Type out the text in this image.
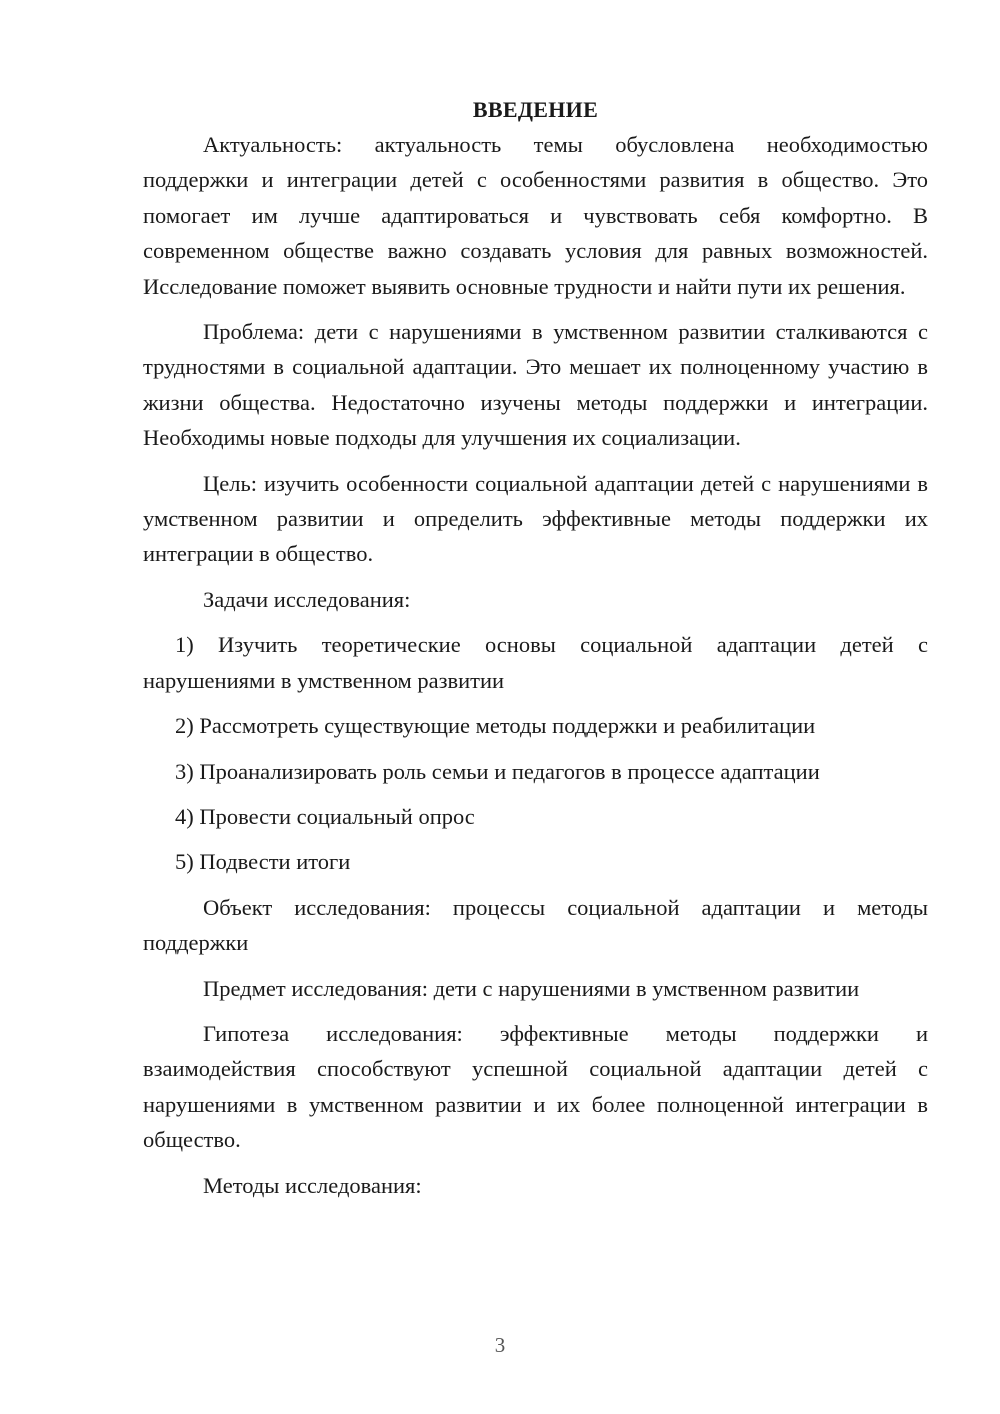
ВВЕДЕНИЕ

Актуальность: актуальность темы обусловлена необходимостью поддержки и интеграции детей с особенностями развития в общество. Это помогает им лучше адаптироваться и чувствовать себя комфортно. В современном обществе важно создавать условия для равных возможностей. Исследование поможет выявить основные трудности и найти пути их решения.

Проблема: дети с нарушениями в умственном развитии сталкиваются с трудностями в социальной адаптации. Это мешает их полноценному участию в жизни общества. Недостаточно изучены методы поддержки и интеграции. Необходимы новые подходы для улучшения их социализации.

Цель: изучить особенности социальной адаптации детей с нарушениями в умственном развитии и определить эффективные методы поддержки их интеграции в общество.

Задачи исследования:

1) Изучить теоретические основы социальной адаптации детей с нарушениями в умственном развитии

2) Рассмотреть существующие методы поддержки и реабилитации

3) Проанализировать роль семьи и педагогов в процессе адаптации

4) Провести социальный опрос

5) Подвести итоги

Объект исследования: процессы социальной адаптации и методы поддержки

Предмет исследования: дети с нарушениями в умственном развитии

Гипотеза исследования: эффективные методы поддержки и взаимодействия способствуют успешной социальной адаптации детей с нарушениями в умственном развитии и их более полноценной интеграции в общество.

Методы исследования:

3
